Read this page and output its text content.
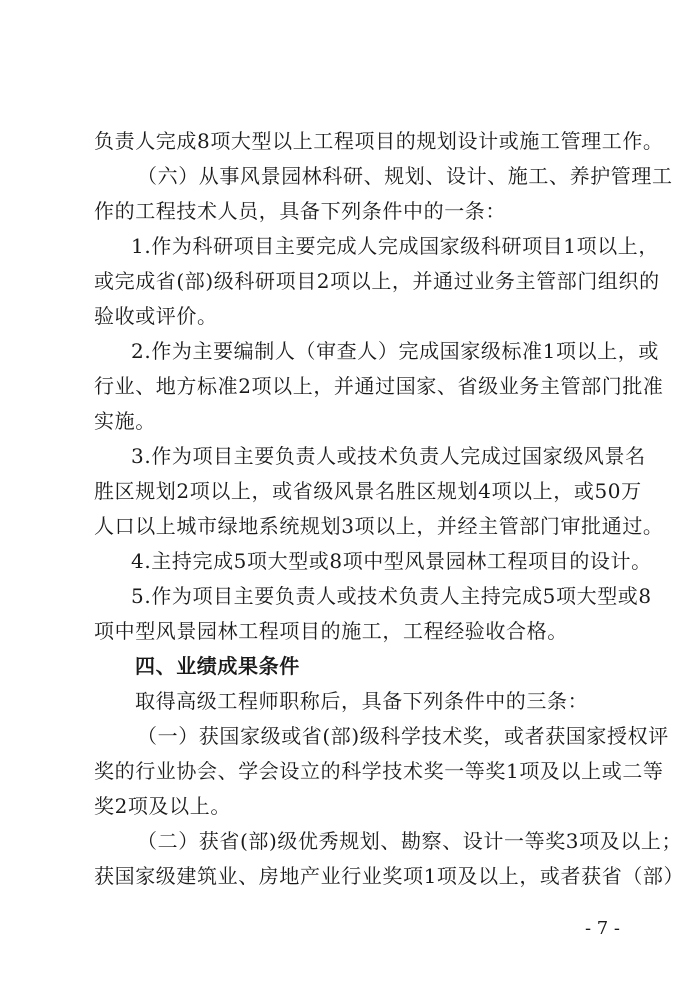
负责人完成8项大型以上工程项目的规划设计或施工管理工作。
（六）从事风景园林科研、规划、设计、施工、养护管理工
作的工程技术人员，具备下列条件中的一条：
1.作为科研项目主要完成人完成国家级科研项目1项以上，
或完成省(部)级科研项目2项以上，并通过业务主管部门组织的
验收或评价。
2.作为主要编制人（审查人）完成国家级标准1项以上，或
行业、地方标准2项以上，并通过国家、省级业务主管部门批准
实施。
3.作为项目主要负责人或技术负责人完成过国家级风景名
胜区规划2项以上，或省级风景名胜区规划4项以上，或50万
人口以上城市绿地系统规划3项以上，并经主管部门审批通过。
4.主持完成5项大型或8项中型风景园林工程项目的设计。
5.作为项目主要负责人或技术负责人主持完成5项大型或8
项中型风景园林工程项目的施工，工程经验收合格。
四、业绩成果条件
取得高级工程师职称后，具备下列条件中的三条：
（一）获国家级或省(部)级科学技术奖，或者获国家授权评
奖的行业协会、学会设立的科学技术奖一等奖1项及以上或二等
奖2项及以上。
（二）获省(部)级优秀规划、勘察、设计一等奖3项及以上；
获国家级建筑业、房地产业行业奖项1项及以上，或者获省（部）
- 7 -
